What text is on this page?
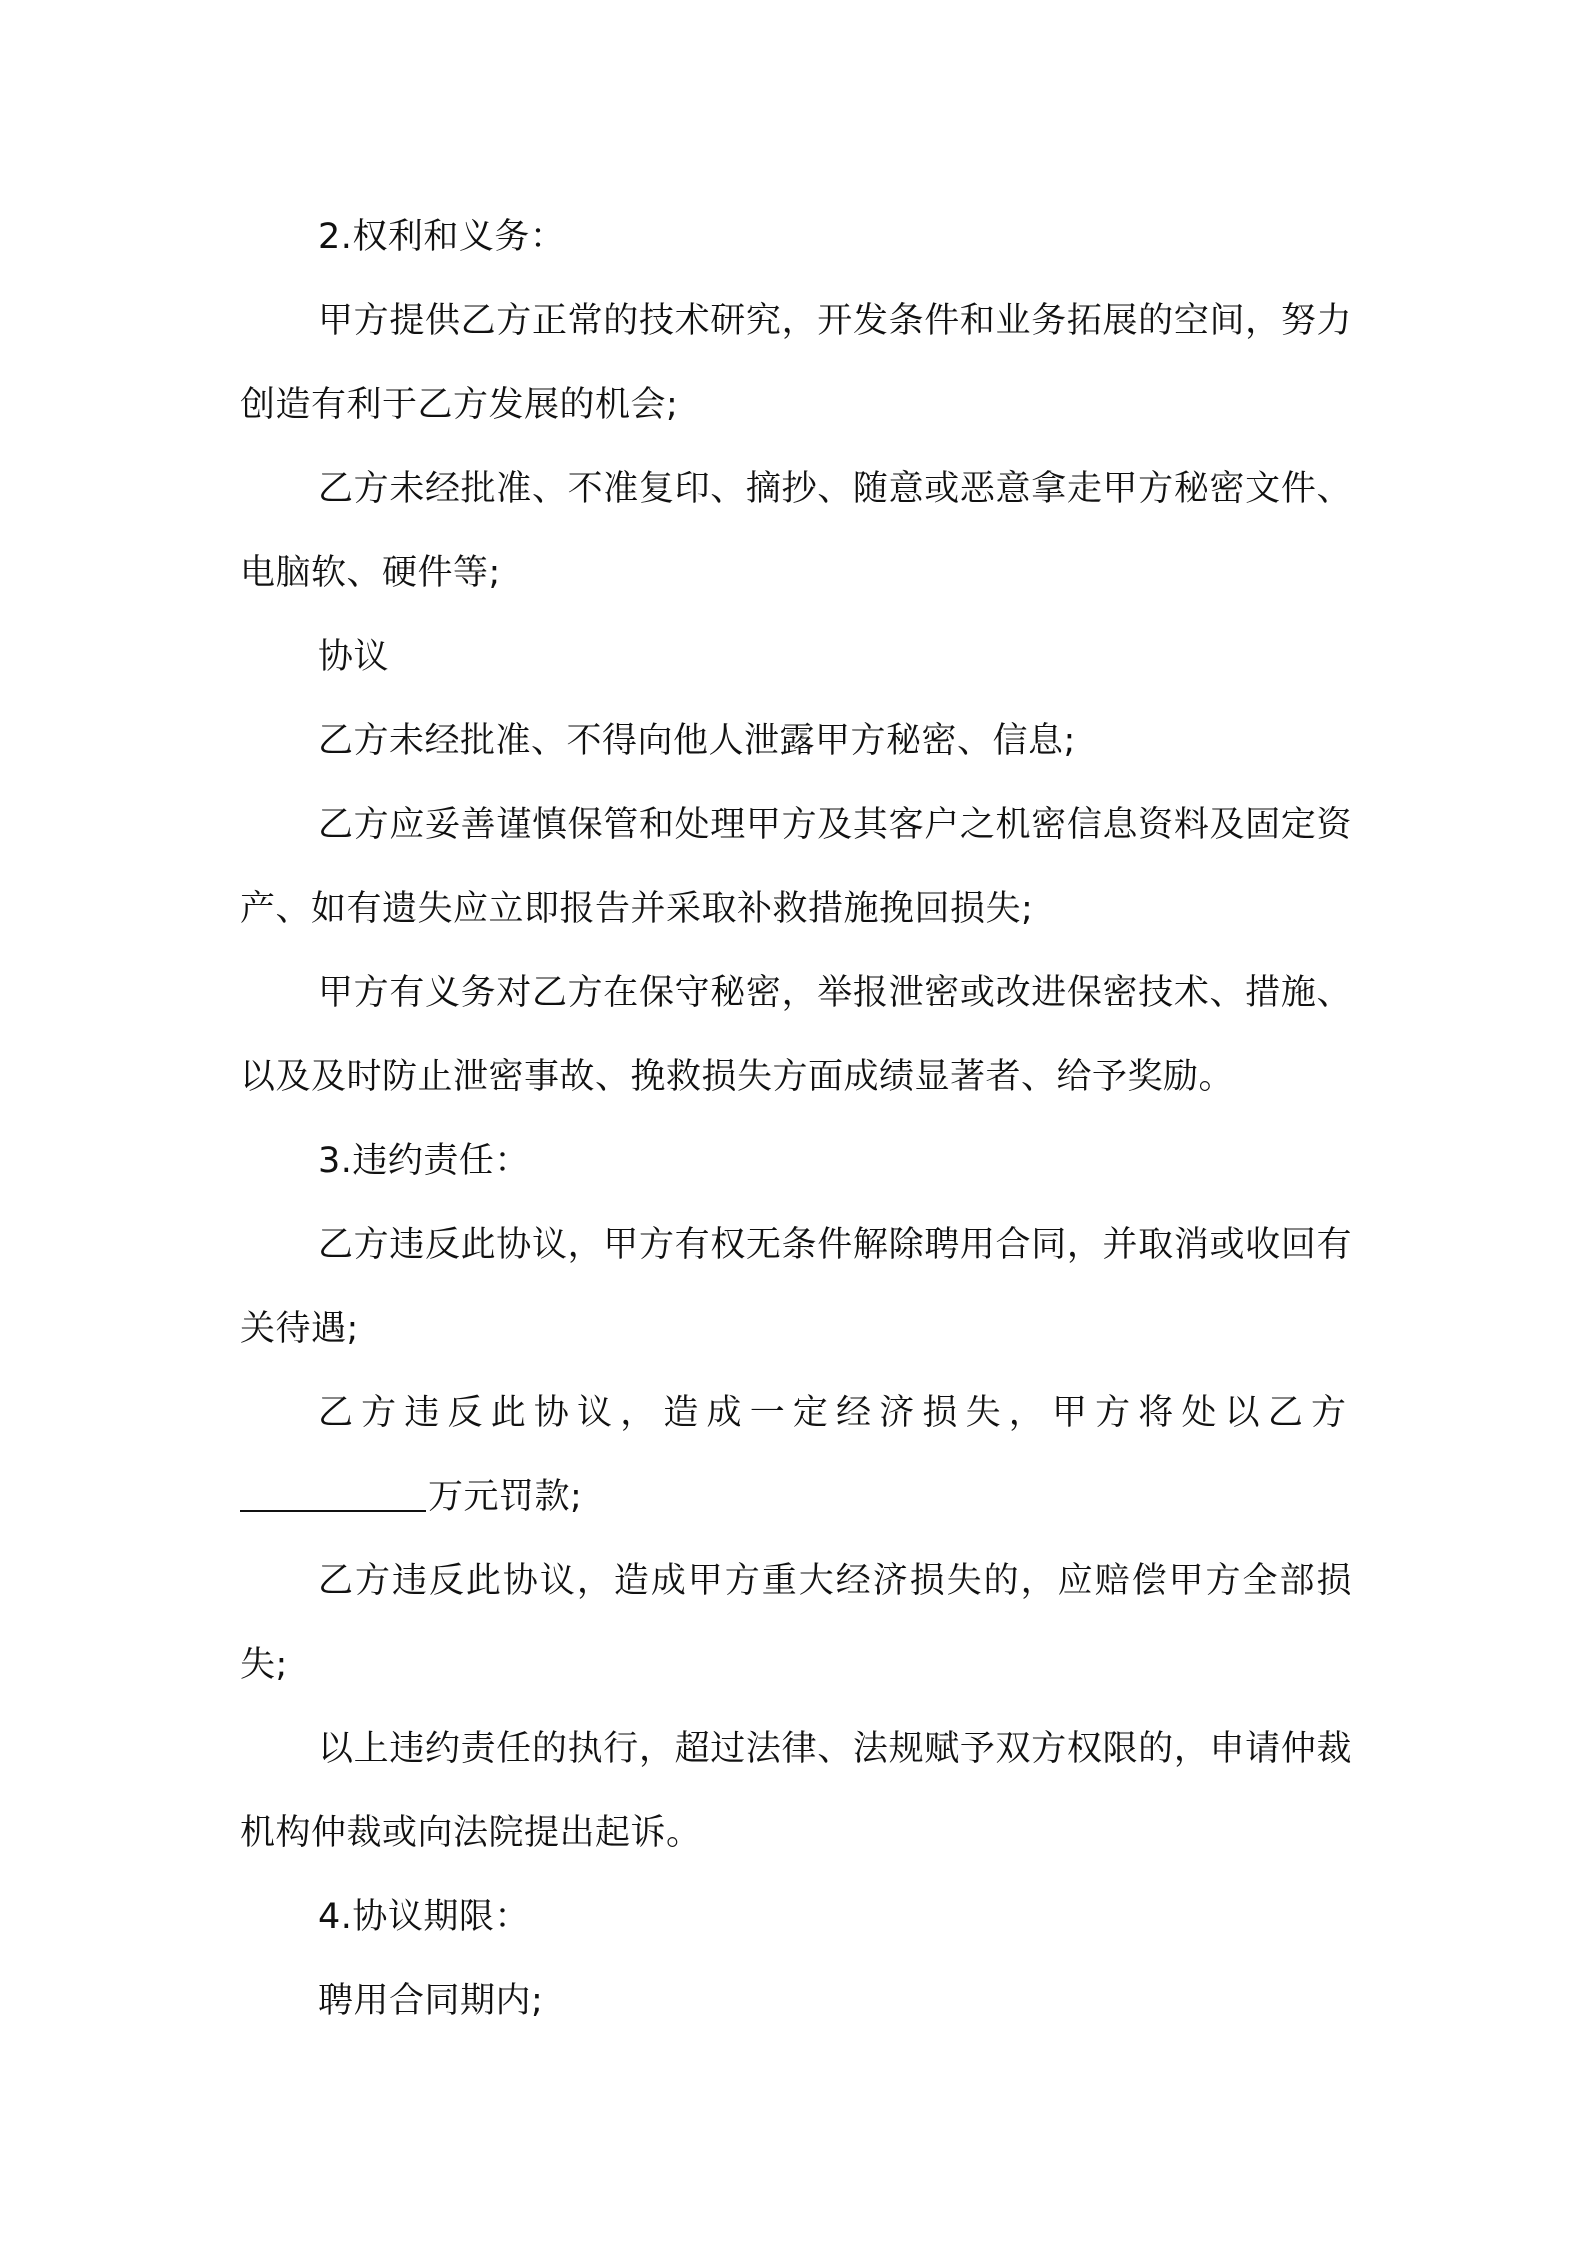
2.权利和义务：

甲方提供乙方正常的技术研究，开发条件和业务拓展的空间，努力创造有利于乙方发展的机会;

乙方未经批准、不准复印、摘抄、随意或恶意拿走甲方秘密文件、电脑软、硬件等;

协议

乙方未经批准、不得向他人泄露甲方秘密、信息;

乙方应妥善谨慎保管和处理甲方及其客户之机密信息资料及固定资产、如有遗失应立即报告并采取补救措施挽回损失;

甲方有义务对乙方在保守秘密，举报泄密或改进保密技术、措施、以及及时防止泄密事故、挽救损失方面成绩显著者、给予奖励。

3.违约责任：

乙方违反此协议，甲方有权无条件解除聘用合同，并取消或收回有关待遇;

乙方违反此协议，造成一定经济损失，甲方将处以乙方

万元罚款;

乙方违反此协议，造成甲方重大经济损失的，应赔偿甲方全部损失;

以上违约责任的执行，超过法律、法规赋予双方权限的，申请仲裁机构仲裁或向法院提出起诉。

4.协议期限：

聘用合同期内;
